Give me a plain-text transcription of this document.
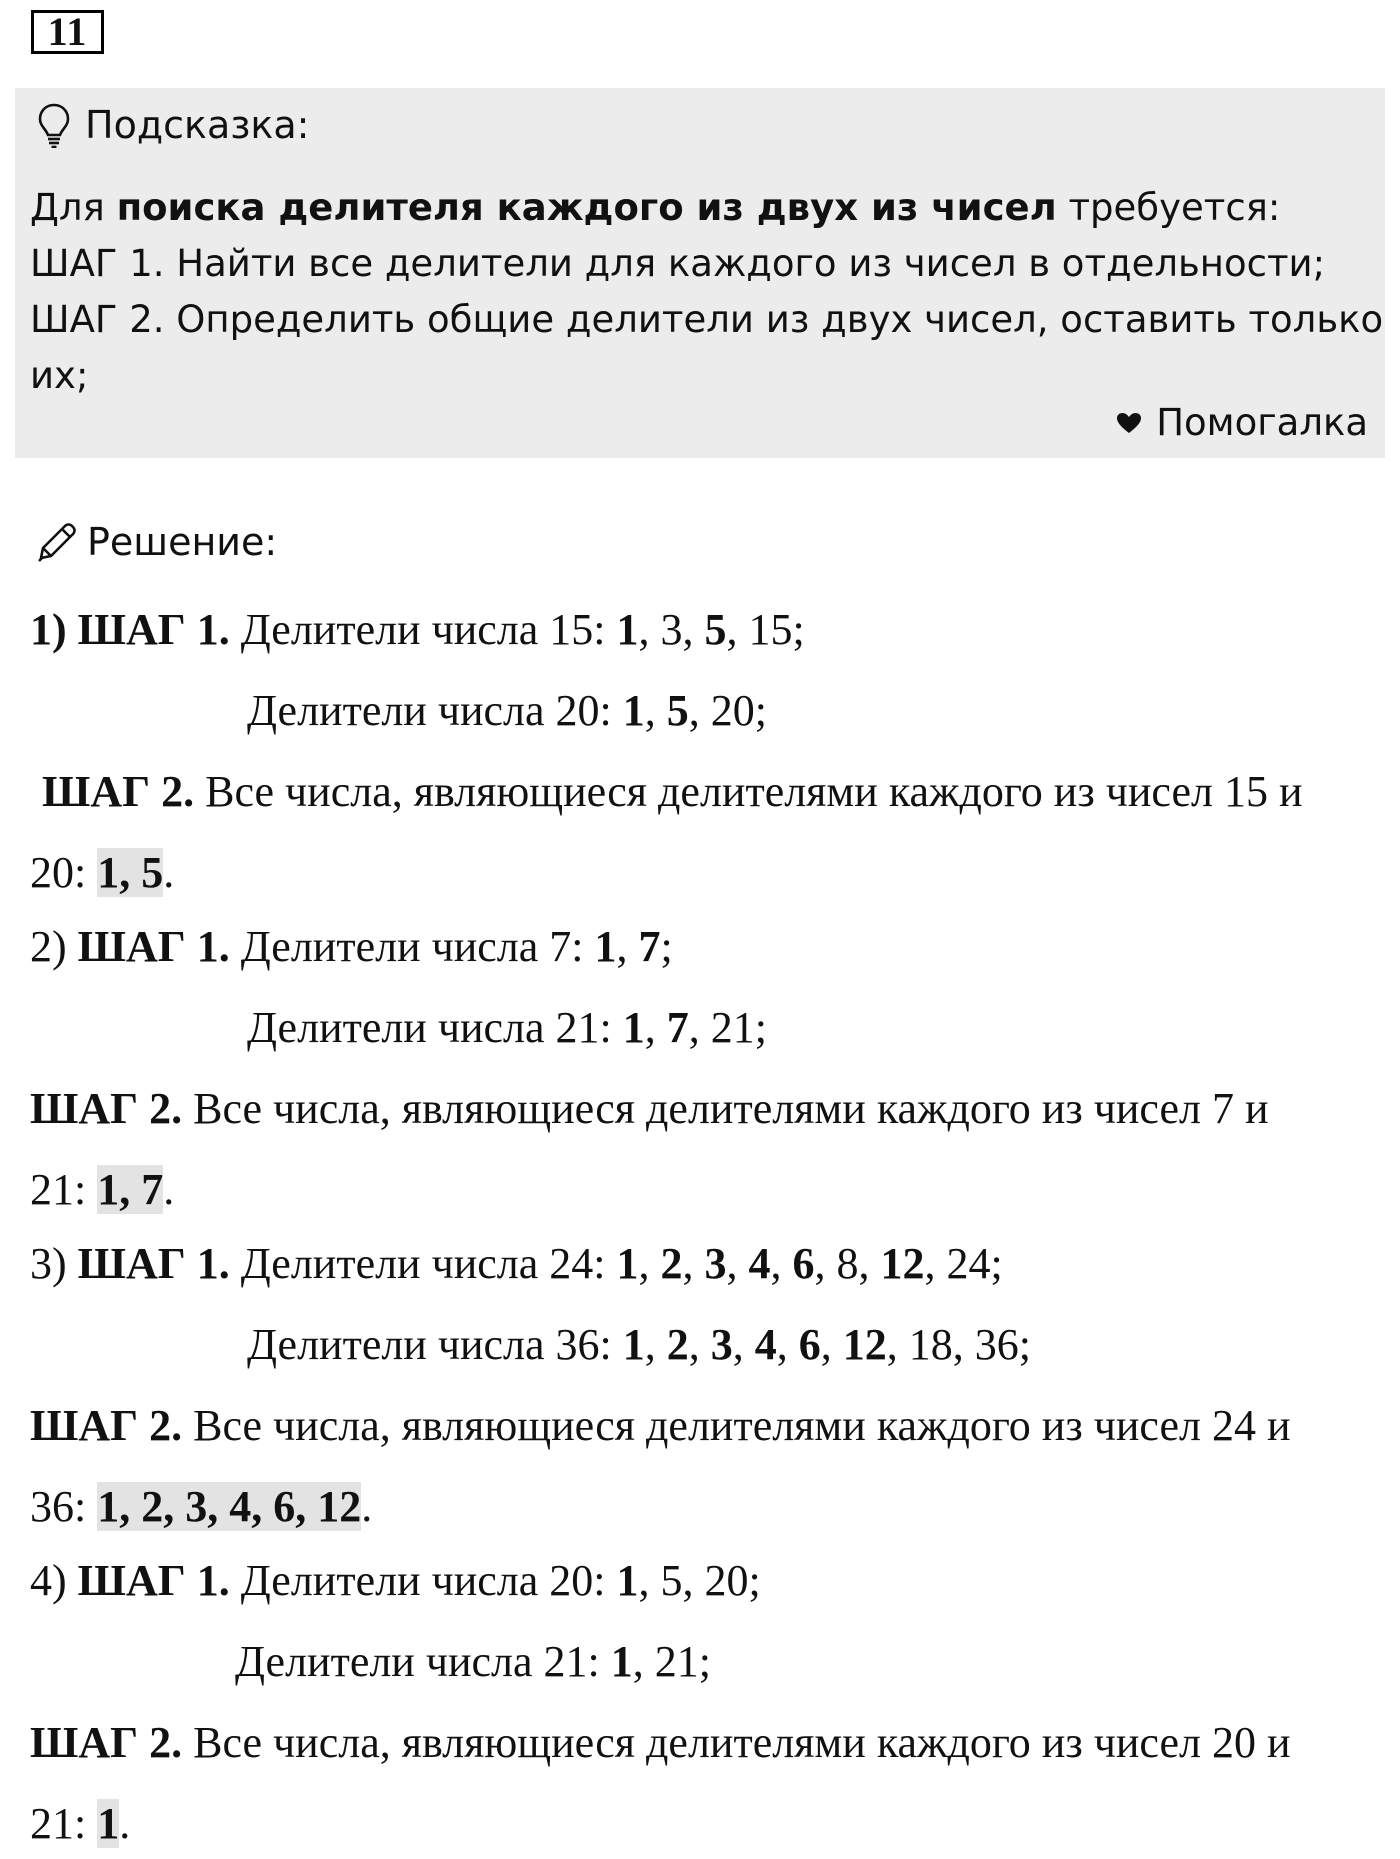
11
Подсказка:
Для поиска делителя каждого из двух из чисел требуется:
ШАГ 1. Найти все делители для каждого из чисел в отдельности;
ШАГ 2. Определить общие делители из двух чисел, оставить только
их;
Помогалка
Решение:
1) ШАГ 1. Делители числа 15: 1, 3, 5, 15;
Делители числа 20: 1, 5, 20;
ШАГ 2. Все числа, являющиеся делителями каждого из чисел 15 и
20: 1, 5.
2) ШАГ 1. Делители числа 7: 1, 7;
Делители числа 21: 1, 7, 21;
ШАГ 2. Все числа, являющиеся делителями каждого из чисел 7 и
21: 1, 7.
3) ШАГ 1. Делители числа 24: 1, 2, 3, 4, 6, 8, 12, 24;
Делители числа 36: 1, 2, 3, 4, 6, 12, 18, 36;
ШАГ 2. Все числа, являющиеся делителями каждого из чисел 24 и
36: 1, 2, 3, 4, 6, 12.
4) ШАГ 1. Делители числа 20: 1, 5, 20;
Делители числа 21: 1, 21;
ШАГ 2. Все числа, являющиеся делителями каждого из чисел 20 и
21: 1.
